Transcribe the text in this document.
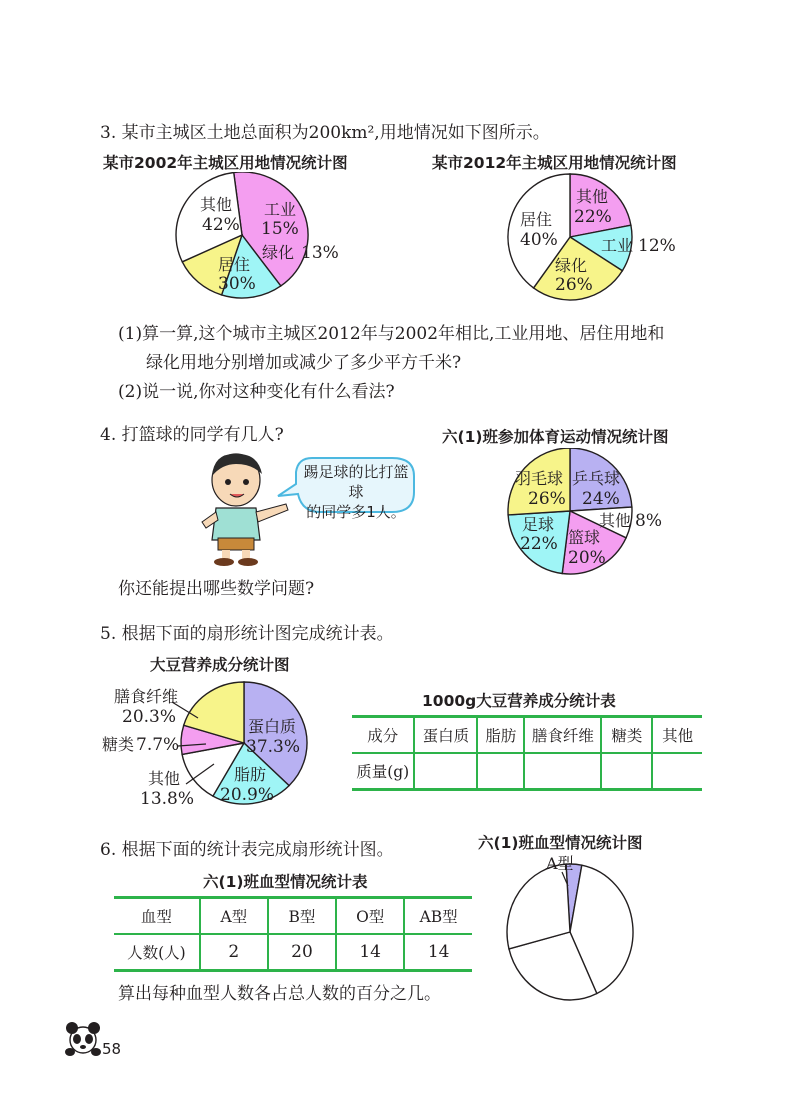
3. 某市主城区土地总面积为200km²,用地情况如下图所示。
某市2002年主城区用地情况统计图
其他
42%
工业
15%
绿化 13%
居住
30%
某市2012年主城区用地情况统计图
其他
22%
工业 12%
绿化
26%
居住
40%
(1)算一算,这个城市主城区2012年与2002年相比,工业用地、居住用地和
绿化用地分别增加或减少了多少平方千米?
(2)说一说,你对这种变化有什么看法?
4. 打篮球的同学有几人?
踢足球的比打篮球
的同学多1人。
六(1)班参加体育运动情况统计图
乒乓球
24%
其他 8%
篮球
20%
足球
22%
羽毛球
26%
你还能提出哪些数学问题?
5. 根据下面的扇形统计图完成统计表。
大豆营养成分统计图
蛋白质
37.3%
脂肪
20.9%
其他
13.8%
糖类 7.7%
膳食纤维
20.3%
1000g大豆营养成分统计表
成分	蛋白质	脂肪	膳食纤维	糖类	其他
质量(g)					
6. 根据下面的统计表完成扇形统计图。
六(1)班血型情况统计表
血型	A型	B型	O型	AB型
人数(人)	2	20	14	14
算出每种血型人数各占总人数的百分之几。
六(1)班血型情况统计图
A型
58
